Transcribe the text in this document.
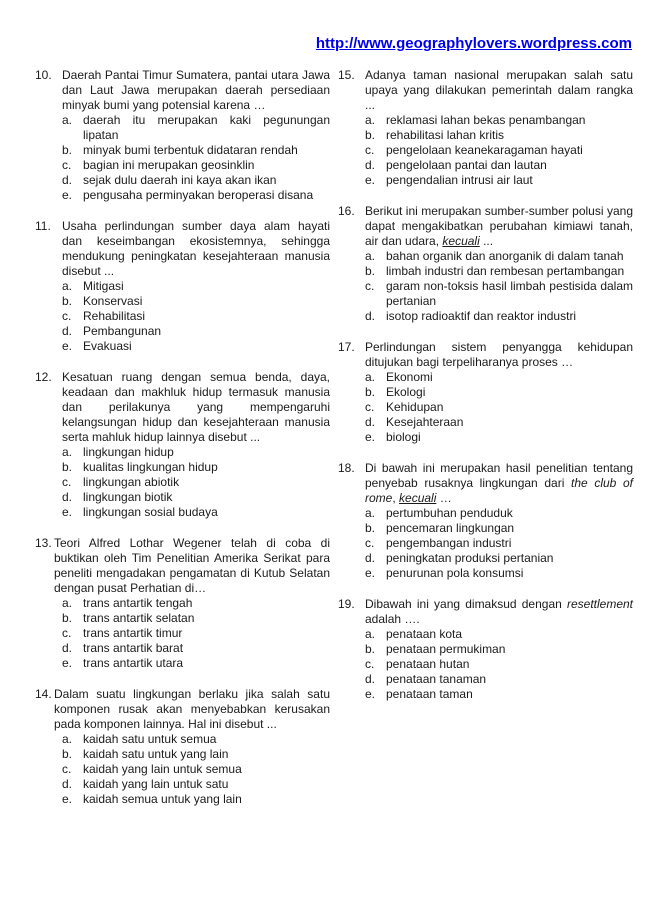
http://www.geographylovers.wordpress.com
10. Daerah Pantai Timur Sumatera, pantai utara Jawa dan Laut Jawa merupakan daerah persediaan minyak bumi yang potensial karena …
a. daerah itu merupakan kaki pegunungan lipatan
b. minyak bumi terbentuk didataran rendah
c. bagian ini merupakan geosinklin
d. sejak dulu daerah ini kaya akan ikan
e. pengusaha perminyakan beroperasi disana
11. Usaha perlindungan sumber daya alam hayati dan keseimbangan ekosistemnya, sehingga mendukung peningkatan kesejahteraan manusia disebut ...
a. Mitigasi
b. Konservasi
c. Rehabilitasi
d. Pembangunan
e. Evakuasi
12. Kesatuan ruang dengan semua benda, daya, keadaan dan makhluk hidup termasuk manusia dan perilakunya yang mempengaruhi kelangsungan hidup dan kesejahteraan manusia serta mahluk hidup lainnya disebut ...
a. lingkungan hidup
b. kualitas lingkungan hidup
c. lingkungan abiotik
d. lingkungan biotik
e. lingkungan sosial budaya
13. Teori Alfred Lothar Wegener telah di coba di buktikan oleh Tim Penelitian Amerika Serikat para peneliti mengadakan pengamatan di Kutub Selatan dengan pusat Perhatian di…
a. trans antartik tengah
b. trans antartik selatan
c. trans antartik timur
d. trans antartik barat
e. trans antartik utara
14. Dalam suatu lingkungan berlaku jika salah satu komponen rusak akan menyebabkan kerusakan pada komponen lainnya. Hal ini disebut ...
a. kaidah satu untuk semua
b. kaidah satu untuk yang lain
c. kaidah yang lain untuk semua
d. kaidah yang lain untuk satu
e. kaidah semua untuk yang lain
15. Adanya taman nasional merupakan salah satu upaya yang dilakukan pemerintah dalam rangka ...
a. reklamasi lahan bekas penambangan
b. rehabilitasi lahan kritis
c. pengelolaan keanekaragaman hayati
d. pengelolaan pantai dan lautan
e. pengendalian intrusi air laut
16. Berikut ini merupakan sumber-sumber polusi yang dapat mengakibatkan perubahan kimiawi tanah, air dan udara, kecuali ...
a. bahan organik dan anorganik di dalam tanah
b. limbah industri dan rembesan pertambangan
c. garam non-toksis hasil limbah pestisida dalam pertanian
d. isotop radioaktif dan reaktor industri
17. Perlindungan sistem penyangga kehidupan ditujukan bagi terpeliharanya proses …
a. Ekonomi
b. Ekologi
c. Kehidupan
d. Kesejahteraan
e. biologi
18. Di bawah ini merupakan hasil penelitian tentang penyebab rusaknya lingkungan dari the club of rome, kecuali …
a. pertumbuhan penduduk
b. pencemaran lingkungan
c. pengembangan industri
d. peningkatan produksi pertanian
e. penurunan pola konsumsi
19. Dibawah ini yang dimaksud dengan resettlement adalah ….
a. penataan kota
b. penataan permukiman
c. penataan hutan
d. penataan tanaman
e. penataan taman
